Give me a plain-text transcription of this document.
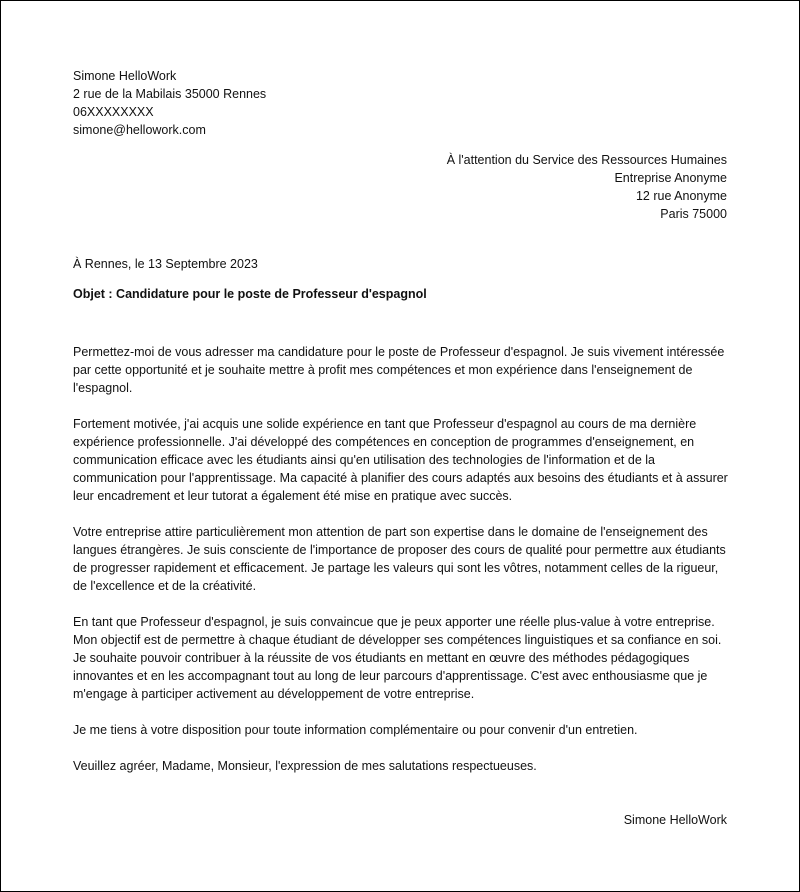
Simone HelloWork
2 rue de la Mabilais 35000 Rennes
06XXXXXXXX
simone@hellowork.com
À l'attention du Service des Ressources Humaines
Entreprise Anonyme
12 rue Anonyme
Paris 75000
À Rennes, le 13 Septembre 2023
Objet : Candidature pour le poste de Professeur d'espagnol

Permettez-moi de vous adresser ma candidature pour le poste de Professeur d'espagnol. Je suis vivement intéressée par cette opportunité et je souhaite mettre à profit mes compétences et mon expérience dans l'enseignement de l'espagnol.

Fortement motivée, j'ai acquis une solide expérience en tant que Professeur d'espagnol au cours de ma dernière expérience professionnelle. J'ai développé des compétences en conception de programmes d'enseignement, en communication efficace avec les étudiants ainsi qu'en utilisation des technologies de l'information et de la communication pour l'apprentissage. Ma capacité à planifier des cours adaptés aux besoins des étudiants et à assurer leur encadrement et leur tutorat a également été mise en pratique avec succès.

Votre entreprise attire particulièrement mon attention de part son expertise dans le domaine de l'enseignement des langues étrangères. Je suis consciente de l'importance de proposer des cours de qualité pour permettre aux étudiants de progresser rapidement et efficacement. Je partage les valeurs qui sont les vôtres, notamment celles de la rigueur, de l'excellence et de la créativité.

En tant que Professeur d'espagnol, je suis convaincue que je peux apporter une réelle plus-value à votre entreprise. Mon objectif est de permettre à chaque étudiant de développer ses compétences linguistiques et sa confiance en soi. Je souhaite pouvoir contribuer à la réussite de vos étudiants en mettant en œuvre des méthodes pédagogiques innovantes et en les accompagnant tout au long de leur parcours d'apprentissage. C'est avec enthousiasme que je m'engage à participer activement au développement de votre entreprise.

Je me tiens à votre disposition pour toute information complémentaire ou pour convenir d'un entretien.

Veuillez agréer, Madame, Monsieur, l'expression de mes salutations respectueuses.

Simone HelloWork
